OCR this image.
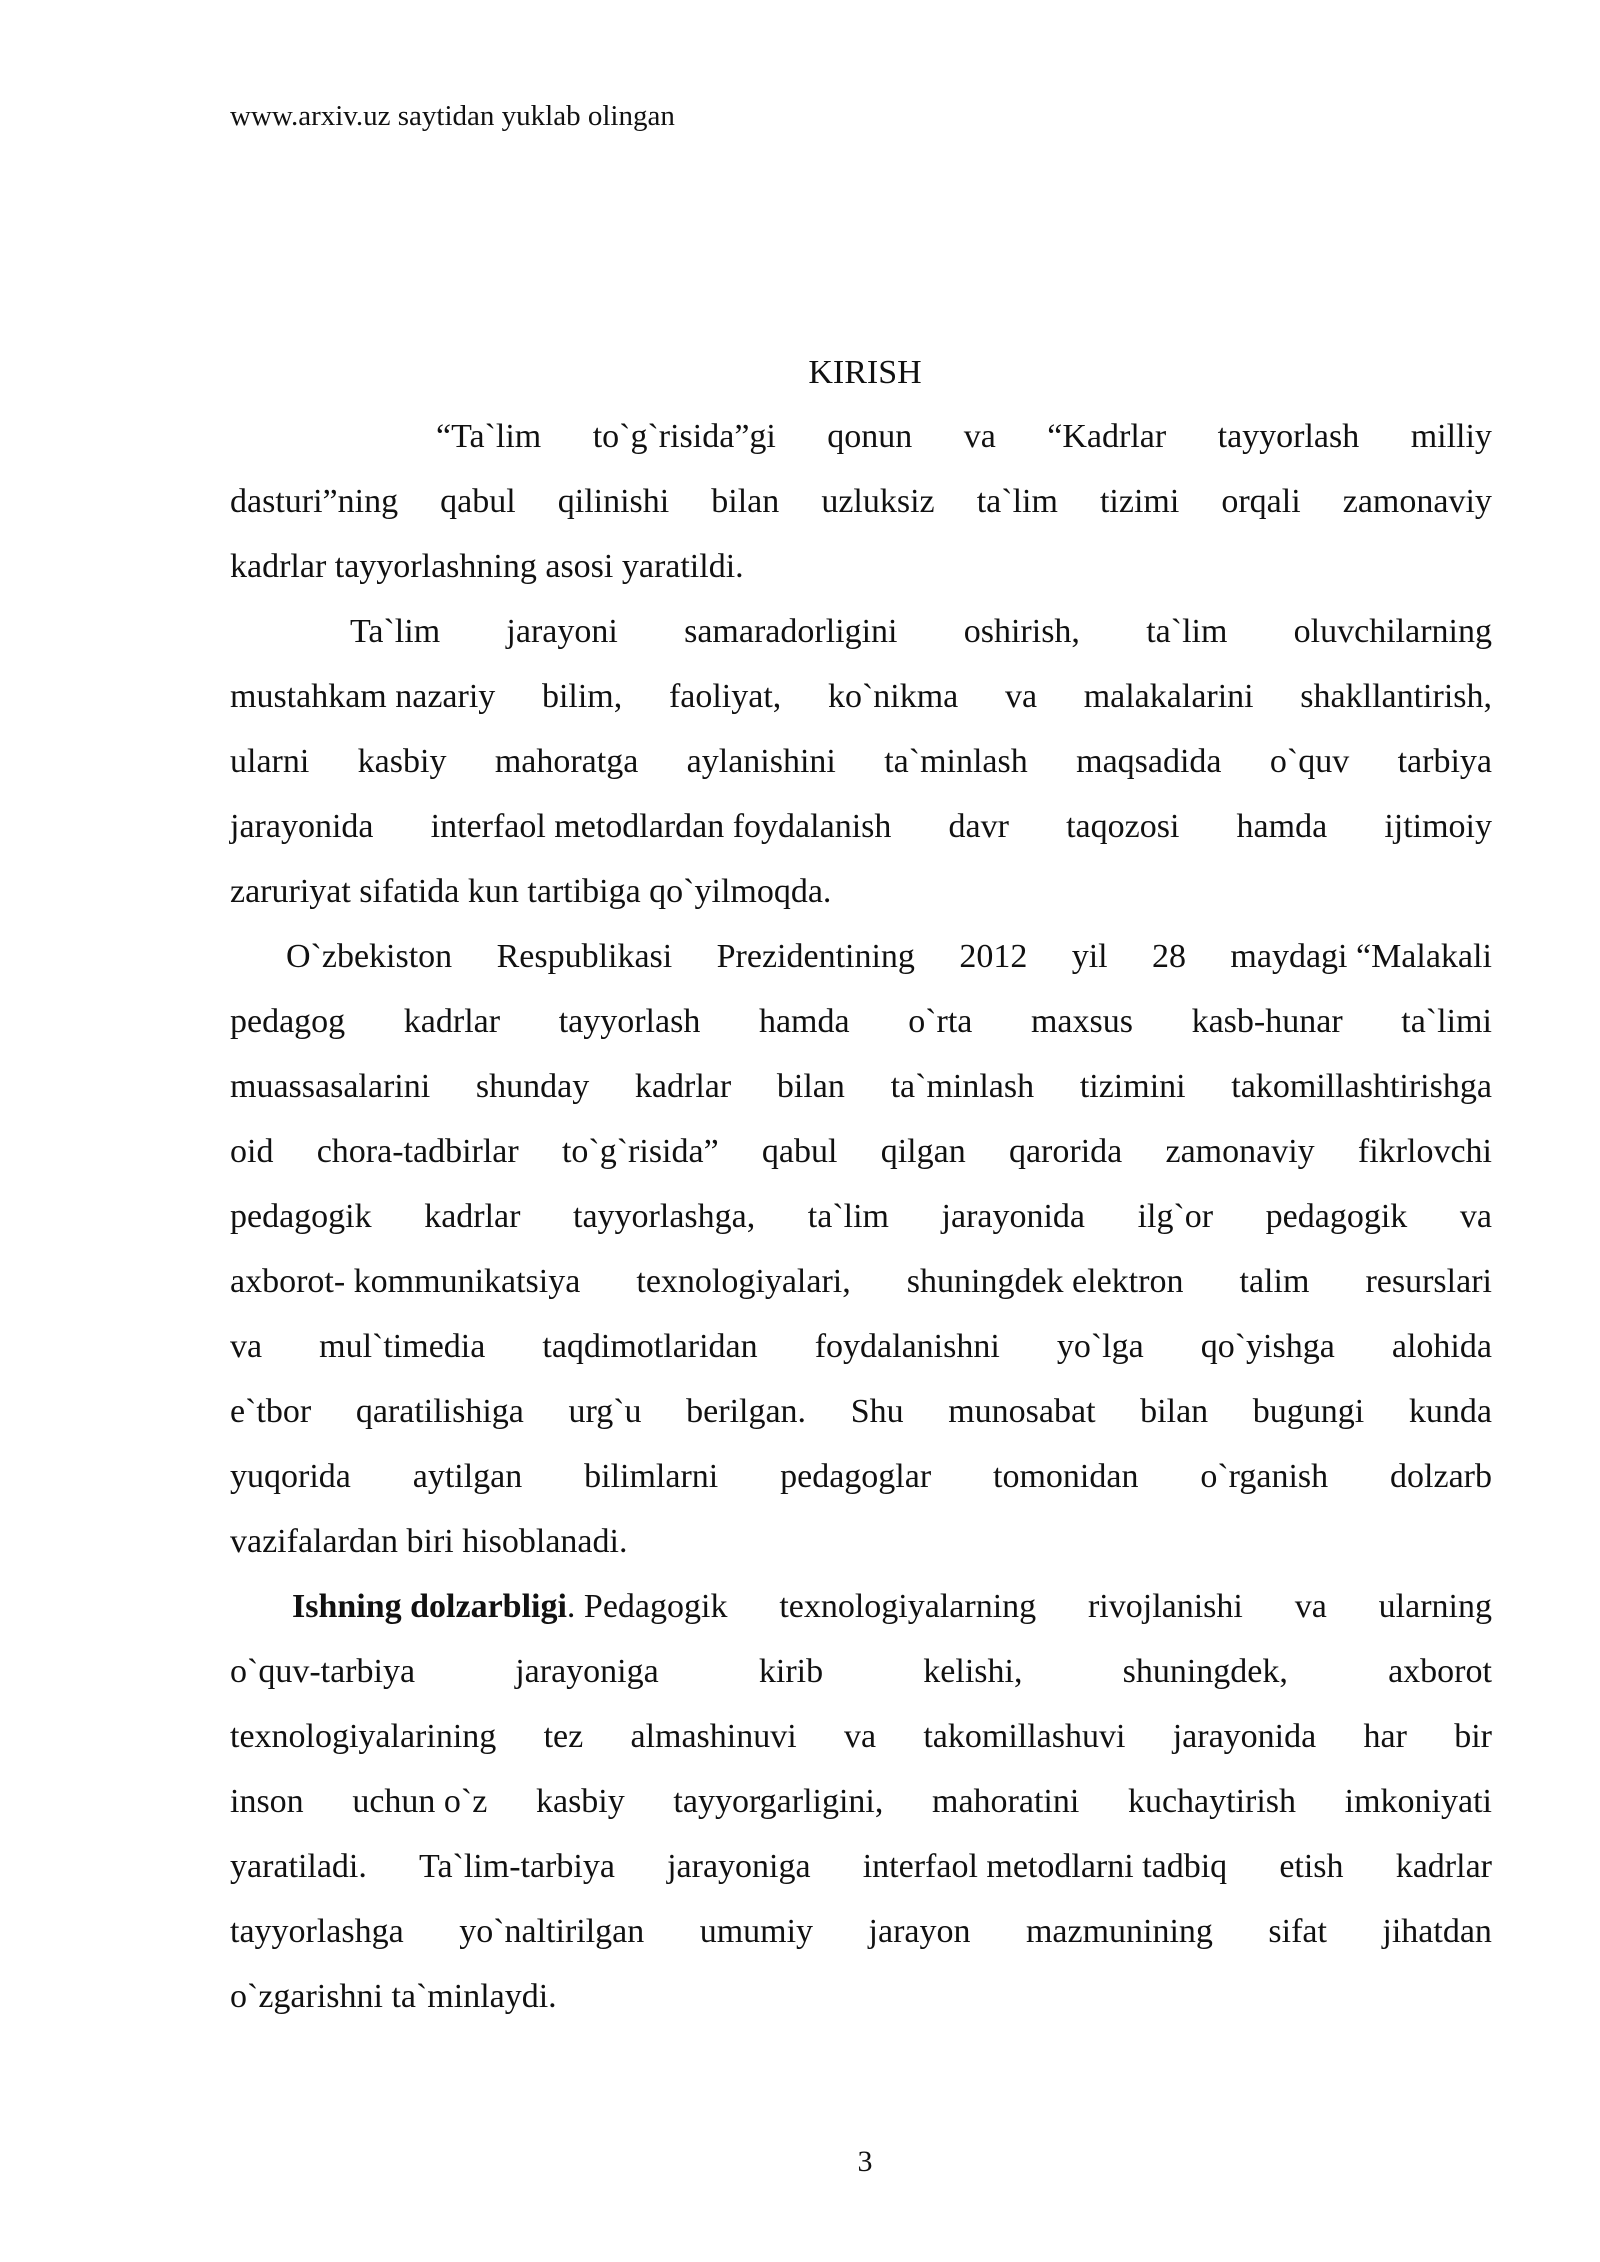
www.arxiv.uz saytidan yuklab olingan
KIRISH
“Ta`lim to`g`risida”gi qonun va “Kadrlar tayyorlash milliy
dasturi”ning qabul qilinishi bilan uzluksiz ta`lim tizimi orqali zamonaviy
kadrlar tayyorlashning asosi yaratildi.
Ta`lim jarayoni samaradorligini oshirish, ta`lim oluvchilarning
mustahkam nazariy bilim, faoliyat, ko`nikma va malakalarini shakllantirish,
ularni kasbiy mahoratga aylanishini ta`minlash maqsadida o`quv tarbiya
jarayonida interfaol metodlardan foydalanish davr taqozosi hamda ijtimoiy
zaruriyat sifatida kun tartibiga qo`yilmoqda.
O`zbekiston Respublikasi Prezidentining 2012 yil 28 maydagi “Malakali
pedagog kadrlar tayyorlash hamda o`rta maxsus kasb-hunar ta`limi
muassasalarini shunday kadrlar bilan ta`minlash tizimini takomillashtirishga
oid chora-tadbirlar to`g`risida” qabul qilgan qarorida zamonaviy fikrlovchi
pedagogik kadrlar tayyorlashga, ta`lim jarayonida ilg`or pedagogik va
axborot- kommunikatsiya texnologiyalari, shuningdek elektron talim resurslari
va mul`timedia taqdimotlaridan foydalanishni yo`lga qo`yishga alohida
e`tbor qaratilishiga urg`u berilgan. Shu munosabat bilan bugungi kunda
yuqorida aytilgan bilimlarni pedagoglar tomonidan o`rganish dolzarb
vazifalardan biri hisoblanadi.
Ishning dolzarbligi. Pedagogik texnologiyalarning rivojlanishi va ularning
o`quv-tarbiya	jarayoniga	kirib	kelishi,	shuningdek,	axborot
texnologiyalarining tez almashinuvi va takomillashuvi jarayonida har bir
inson uchun o`z kasbiy tayyorgarligini, mahoratini kuchaytirish imkoniyati
yaratiladi. Ta`lim-tarbiya jarayoniga interfaol metodlarni tadbiq etish kadrlar
tayyorlashga yo`naltirilgan umumiy jarayon mazmunining sifat jihatdan
o`zgarishni ta`minlaydi.
3
